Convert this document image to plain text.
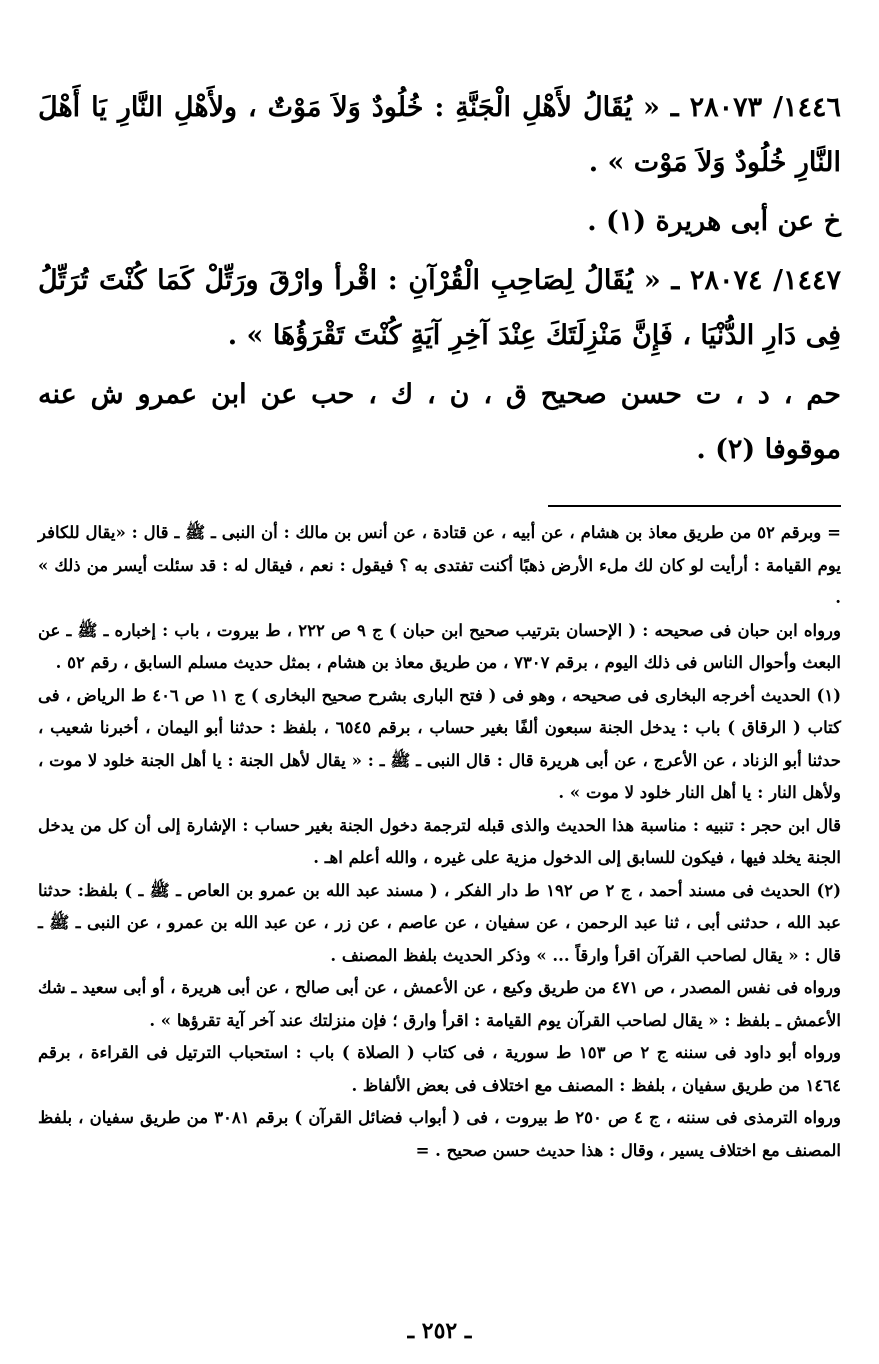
١٤٤٦/ ٢٨٠٧٣ ـ « يُقَالُ لأَهْلِ الْجَنَّةِ : خُلُودٌ وَلاَ مَوْتٌ ، ولأَهْلِ النَّارِ يَا أَهْلَ النَّارِ خُلُودٌ وَلاَ مَوْت » .

خ عن أبى هريرة (١) .

١٤٤٧/ ٢٨٠٧٤ ـ « يُقَالُ لِصَاحِبِ الْقُرْآنِ : اقْرأ وارْقَ ورَتِّلْ كَمَا كُنْتَ تُرَتِّلُ فِى دَارِ الدُّنْيَا ، فَإِنَّ مَنْزِلَتَكَ عِنْدَ آخِرِ آيَةٍ كُنْتَ تَقْرَؤُهَا » .

حم ، د ، ت حسن صحيح ق ، ن ، ك ، حب عن ابن عمرو ش عنه موقوفا (٢) .

= وبرقم ٥٢ من طريق معاذ بن هشام ، عن أبيه ، عن قتادة ، عن أنس بن مالك : أن النبى ـ ﷺ ـ قال : «يقال للكافر يوم القيامة : أرأيت لو كان لك ملء الأرض ذهبًا أكنت تفتدى به ؟ فيقول : نعم ، فيقال له : قد سئلت أيسر من ذلك » .

ورواه ابن حبان فى صحيحه : ( الإحسان بترتيب صحيح ابن حبان ) ج ٩ ص ٢٢٢ ، ط بيروت ، باب : إخباره ـ ﷺ ـ عن البعث وأحوال الناس فى ذلك اليوم ، برقم ٧٣٠٧ ، من طريق معاذ بن هشام ، بمثل حديث مسلم السابق ، رقم ٥٢ .

(١) الحديث أخرجه البخارى فى صحيحه ، وهو فى ( فتح البارى بشرح صحيح البخارى ) ج ١١ ص ٤٠٦ ط الرياض ، فى كتاب ( الرقاق ) باب : يدخل الجنة سبعون ألفًا بغير حساب ، برقم ٦٥٤٥ ، بلفظ : حدثنا أبو اليمان ، أخبرنا شعيب ، حدثنا أبو الزناد ، عن الأعرج ، عن أبى هريرة قال : قال النبى ـ ﷺ ـ : « يقال لأهل الجنة : يا أهل الجنة خلود لا موت ، ولأهل النار : يا أهل النار خلود لا موت » .

قال ابن حجر : تنبيه : مناسبة هذا الحديث والذى قبله لترجمة دخول الجنة بغير حساب : الإشارة إلى أن كل من يدخل الجنة يخلد فيها ، فيكون للسابق إلى الدخول مزية على غيره ، والله أعلم اهـ .

(٢) الحديث فى مسند أحمد ، ج ٢ ص ١٩٢ ط دار الفكر ، ( مسند عبد الله بن عمرو بن العاص ـ ﷺ ـ ) بلفظ: حدثنا عبد الله ، حدثنى أبى ، ثنا عبد الرحمن ، عن سفيان ، عن عاصم ، عن زر ، عن عبد الله بن عمرو ، عن النبى ـ ﷺ ـ قال : « يقال لصاحب القرآن اقرأ وارقاً ... » وذكر الحديث بلفظ المصنف .

ورواه فى نفس المصدر ، ص ٤٧١ من طريق وكيع ، عن الأعمش ، عن أبى صالح ، عن أبى هريرة ، أو أبى سعيد ـ شك الأعمش ـ بلفظ : « يقال لصاحب القرآن يوم القيامة : اقرأ وارق ؛ فإن منزلتك عند آخر آية تقرؤها » .

ورواه أبو داود فى سننه ج ٢ ص ١٥٣ ط سورية ، فى كتاب ( الصلاة ) باب : استحباب الترتيل فى القراءة ، برقم ١٤٦٤ من طريق سفيان ، بلفظ : المصنف مع اختلاف فى بعض الألفاظ .

ورواه الترمذى فى سننه ، ج ٤ ص ٢٥٠ ط بيروت ، فى ( أبواب فضائل القرآن ) برقم ٣٠٨١ من طريق سفيان ، بلفظ المصنف مع اختلاف يسير ، وقال : هذا حديث حسن صحيح . =

ـ ٢٥٢ ـ
